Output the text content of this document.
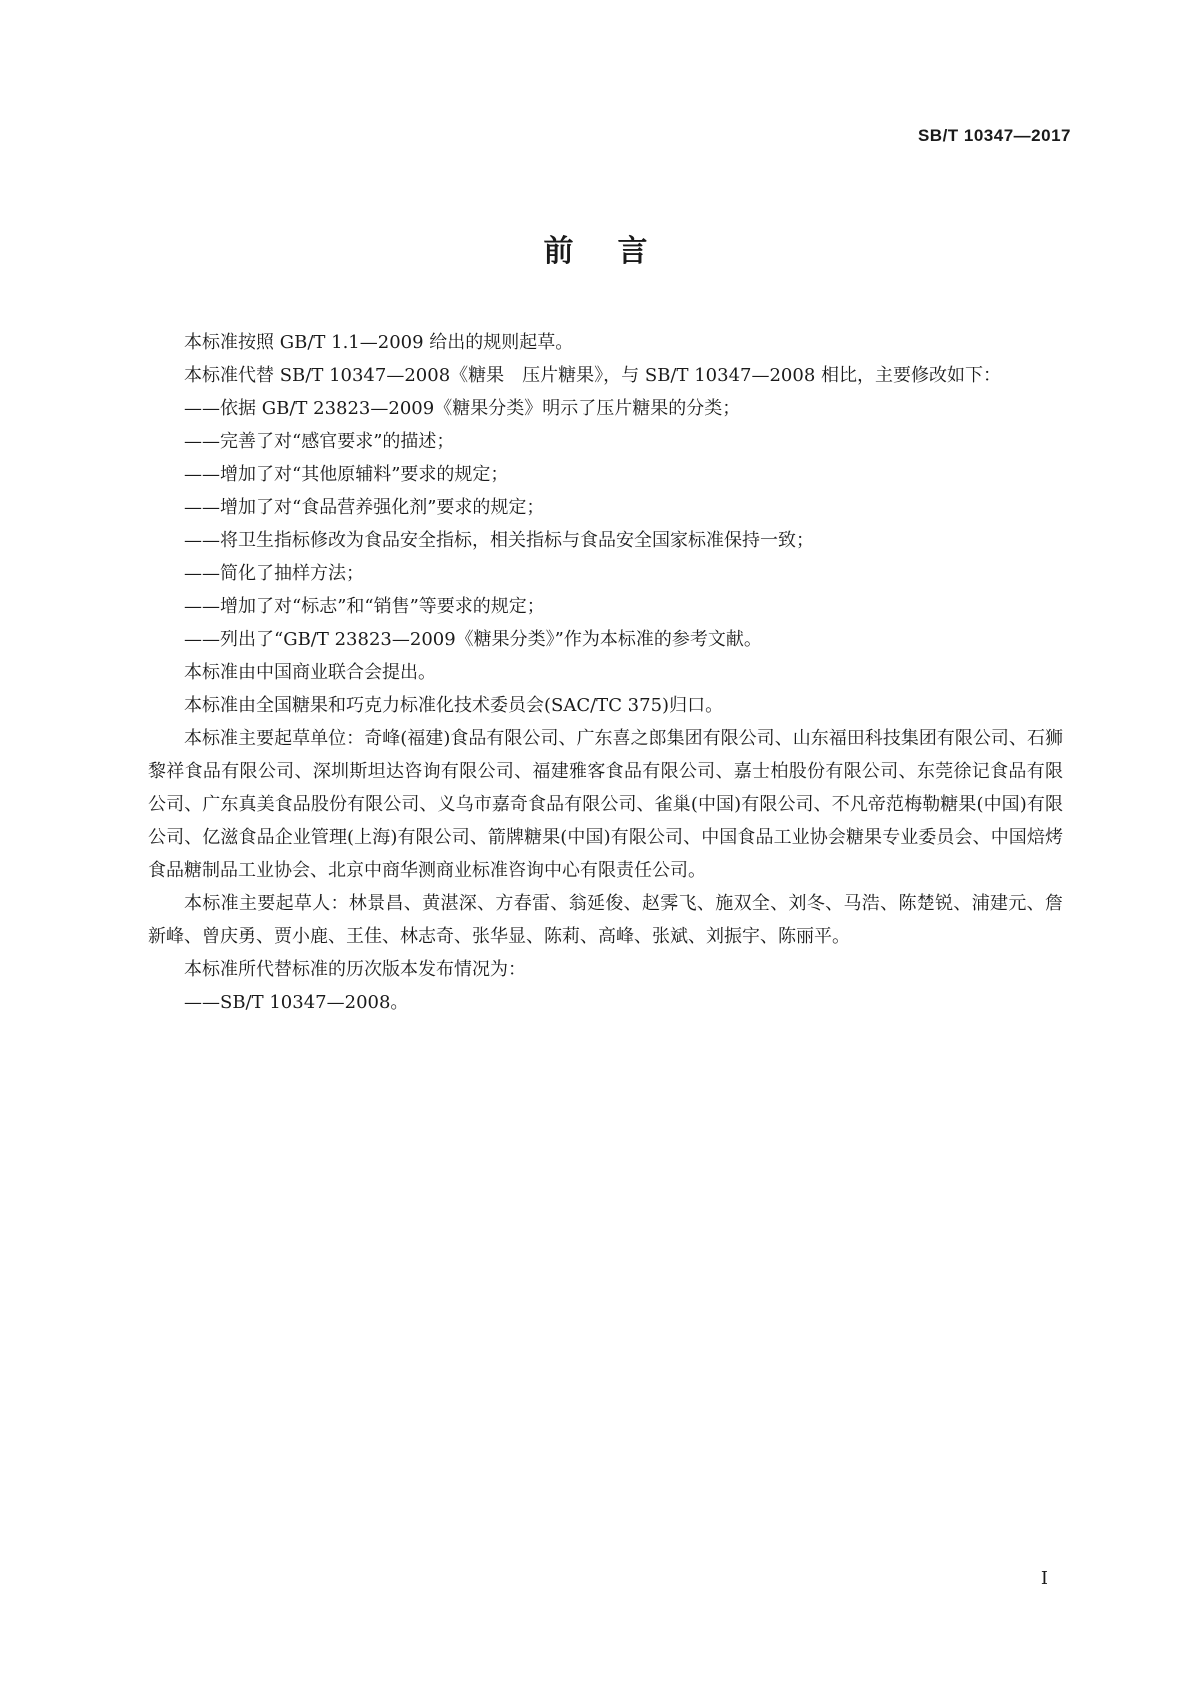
SB/T 10347—2017
前言

本标准按照 GB/T 1.1—2009 给出的规则起草。

本标准代替 SB/T 10347—2008《糖果　压片糖果》，与 SB/T 10347—2008 相比，主要修改如下：

——依据 GB/T 23823—2009《糖果分类》明示了压片糖果的分类；

——完善了对“感官要求”的描述；

——增加了对“其他原辅料”要求的规定；

——增加了对“食品营养强化剂”要求的规定；

——将卫生指标修改为食品安全指标，相关指标与食品安全国家标准保持一致；

——简化了抽样方法；

——增加了对“标志”和“销售”等要求的规定；

——列出了“GB/T 23823—2009《糖果分类》”作为本标准的参考文献。

本标准由中国商业联合会提出。

本标准由全国糖果和巧克力标准化技术委员会(SAC/TC 375)归口。

本标准主要起草单位：奇峰(福建)食品有限公司、广东喜之郎集团有限公司、山东福田科技集团有限公司、石狮黎祥食品有限公司、深圳斯坦达咨询有限公司、福建雅客食品有限公司、嘉士柏股份有限公司、东莞徐记食品有限公司、广东真美食品股份有限公司、义乌市嘉奇食品有限公司、雀巢(中国)有限公司、不凡帝范梅勒糖果(中国)有限公司、亿滋食品企业管理(上海)有限公司、箭牌糖果(中国)有限公司、中国食品工业协会糖果专业委员会、中国焙烤食品糖制品工业协会、北京中商华测商业标准咨询中心有限责任公司。

本标准主要起草人：林景昌、黄湛深、方春雷、翁延俊、赵霁飞、施双全、刘冬、马浩、陈楚锐、浦建元、詹新峰、曾庆勇、贾小鹿、王佳、林志奇、张华显、陈莉、高峰、张斌、刘振宇、陈丽平。

本标准所代替标准的历次版本发布情况为：

——SB/T 10347—2008。

I
